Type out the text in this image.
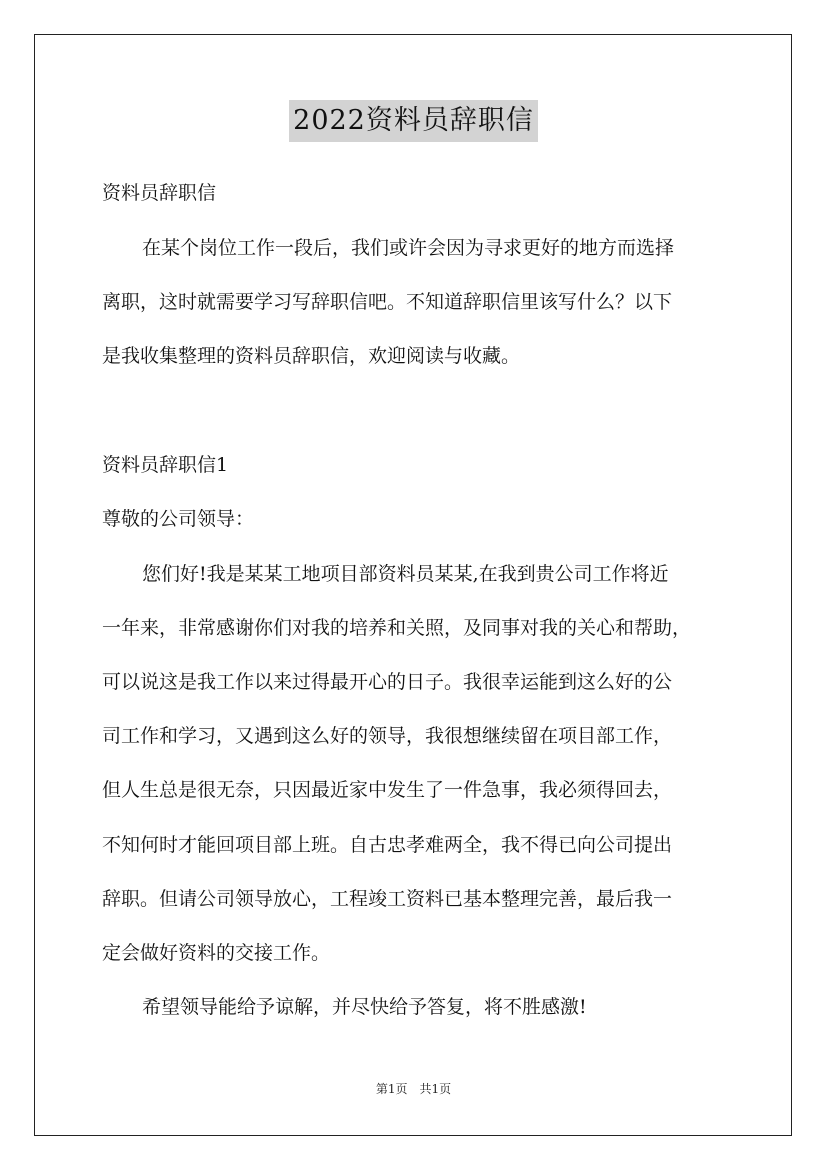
2022资料员辞职信
资料员辞职信
在某个岗位工作一段后，我们或许会因为寻求更好的地方而选择
离职，这时就需要学习写辞职信吧。不知道辞职信里该写什么？以下
是我收集整理的资料员辞职信，欢迎阅读与收藏。
资料员辞职信1
尊敬的公司领导：
您们好!我是某某工地项目部资料员某某,在我到贵公司工作将近
一年来，非常感谢你们对我的培养和关照，及同事对我的关心和帮助，
可以说这是我工作以来过得最开心的日子。我很幸运能到这么好的公
司工作和学习，又遇到这么好的领导，我很想继续留在项目部工作，
但人生总是很无奈，只因最近家中发生了一件急事，我必须得回去，
不知何时才能回项目部上班。自古忠孝难两全，我不得已向公司提出
辞职。但请公司领导放心，工程竣工资料已基本整理完善，最后我一
定会做好资料的交接工作。
希望领导能给予谅解，并尽快给予答复，将不胜感激!
第1页 共1页
